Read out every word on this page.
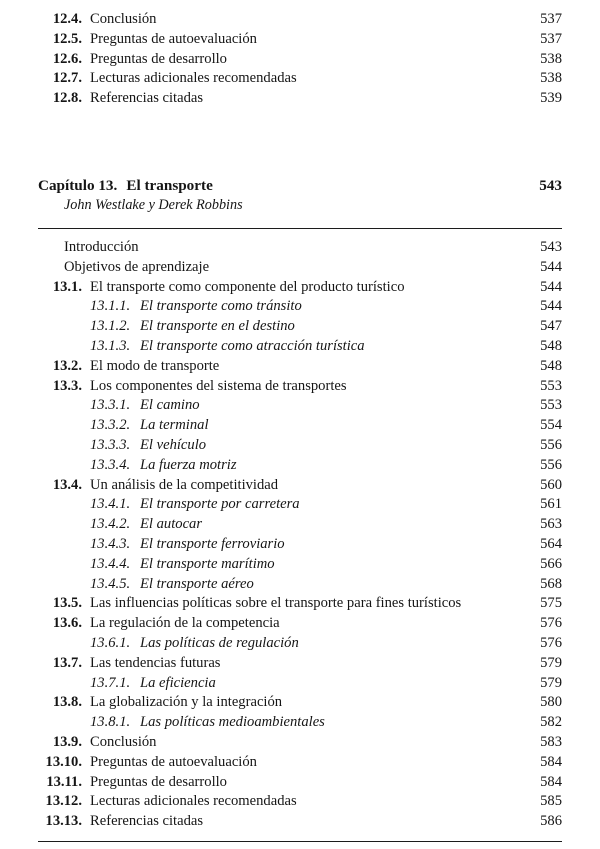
12.4. Conclusión	537
12.5. Preguntas de autoevaluación	537
12.6. Preguntas de desarrollo	538
12.7. Lecturas adicionales recomendadas	538
12.8. Referencias citadas	539
Capítulo 13. El transporte	543
John Westlake y Derek Robbins
Introducción	543
Objetivos de aprendizaje	544
13.1. El transporte como componente del producto turístico	544
13.1.1. El transporte como tránsito	544
13.1.2. El transporte en el destino	547
13.1.3. El transporte como atracción turística	548
13.2. El modo de transporte	548
13.3. Los componentes del sistema de transportes	553
13.3.1. El camino	553
13.3.2. La terminal	554
13.3.3. El vehículo	556
13.3.4. La fuerza motriz	556
13.4. Un análisis de la competitividad	560
13.4.1. El transporte por carretera	561
13.4.2. El autocar	563
13.4.3. El transporte ferroviario	564
13.4.4. El transporte marítimo	566
13.4.5. El transporte aéreo	568
13.5. Las influencias políticas sobre el transporte para fines turísticos	575
13.6. La regulación de la competencia	576
13.6.1. Las políticas de regulación	576
13.7. Las tendencias futuras	579
13.7.1. La eficiencia	579
13.8. La globalización y la integración	580
13.8.1. Las políticas medioambientales	582
13.9. Conclusión	583
13.10. Preguntas de autoevaluación	584
13.11. Preguntas de desarrollo	584
13.12. Lecturas adicionales recomendadas	585
13.13. Referencias citadas	586
